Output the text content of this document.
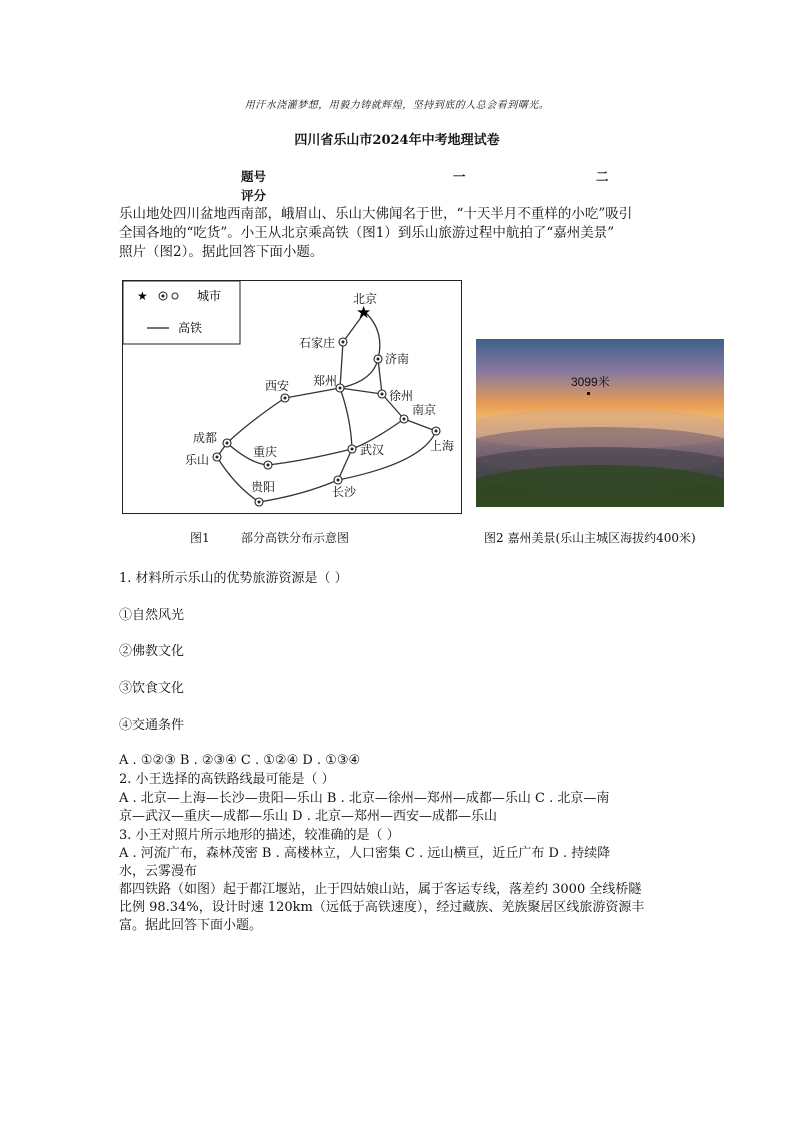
用汗水浇灌梦想，用毅力铸就辉煌，坚持到底的人总会看到曙光。
四川省乐山市2024年中考地理试卷
题号	一	二
评分
乐山地处四川盆地西南部，峨眉山、乐山大佛闻名于世，“十天半月不重样的小吃”吸引
全国各地的“吃货”。小王从北京乘高铁（图1）到乐山旅游过程中航拍了“嘉州美景”
照片（图2）。据此回答下面小题。
★	城市
高铁
★
北京
石家庄
济南
西安 郑州
徐州
南京
成都
乐山
重庆	武汉	上海
贵阳	长沙
图1	部分高铁分布示意图
3099米
图2 嘉州美景(乐山主城区海拔约400米)
1. 材料所示乐山的优势旅游资源是（ ）
①自然风光
②佛教文化
③饮食文化
④交通条件
A . ①②③ B . ②③④ C . ①②④ D . ①③④
2. 小王选择的高铁路线最可能是（ ）
A . 北京—上海—长沙—贵阳—乐山 B . 北京—徐州—郑州—成都—乐山 C . 北京—南
京—武汉—重庆—成都—乐山 D . 北京—郑州—西安—成都—乐山
3. 小王对照片所示地形的描述，较准确的是（ ）
A . 河流广布，森林茂密 B . 高楼林立，人口密集 C . 远山横亘，近丘广布 D . 持续降
水，云雾漫布
都四铁路（如图）起于都江堰站，止于四姑娘山站，属于客运专线，落差约 3000 全线桥隧
比例 98.34%，设计时速 120km（远低于高铁速度），经过藏族、羌族聚居区线旅游资源丰
富。据此回答下面小题。
